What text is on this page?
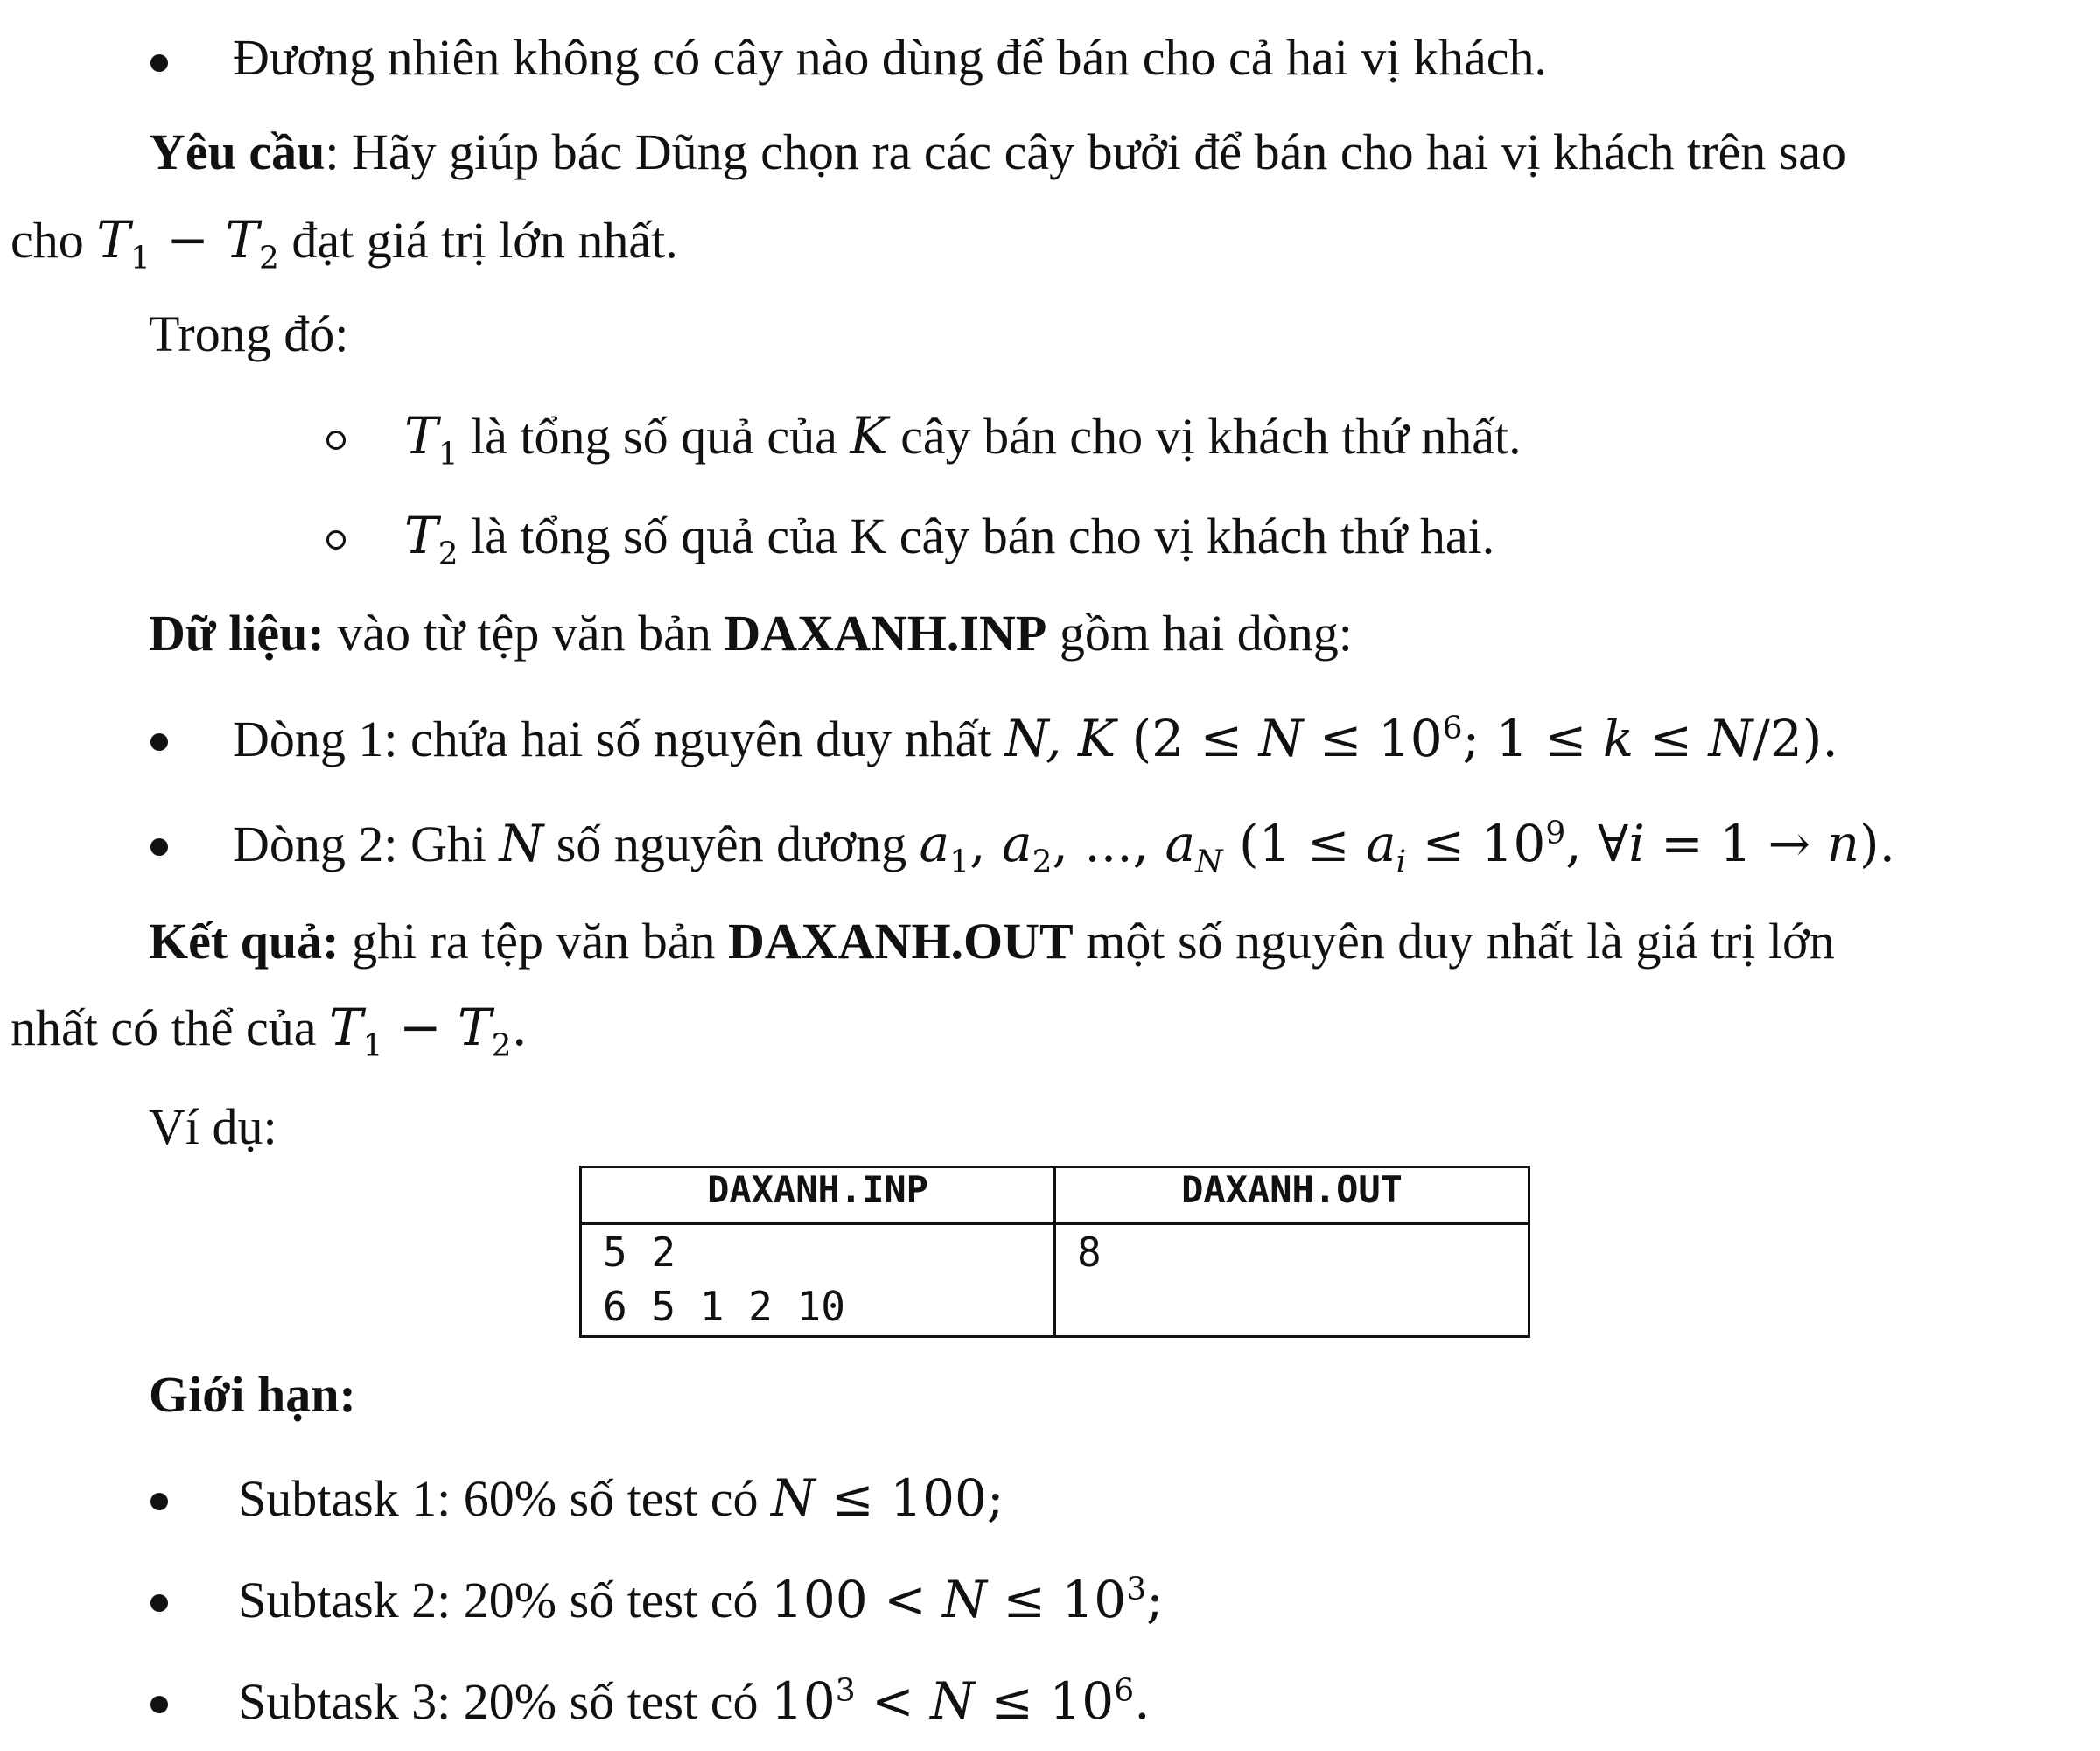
Đương nhiên không có cây nào dùng để bán cho cả hai vị khách.
Yêu cầu: Hãy giúp bác Dũng chọn ra các cây bưởi để bán cho hai vị khách trên sao
cho $T_1 - T_2$ đạt giá trị lớn nhất.
Trong đó:
$T_1$ là tổng số quả của K cây bán cho vị khách thứ nhất.
$T_2$ là tổng số quả của K cây bán cho vị khách thứ hai.
Dữ liệu: vào từ tệp văn bản DAXANH.INP gồm hai dòng:
Dòng 1: chứa hai số nguyên duy nhất N, K ($2 \le N \le 10^6$; 1 ≤ k ≤ N/2).
Dòng 2: Ghi N số nguyên dương $a_1$, $a_2$, ..., $a_N$ ($1 \le a_i \le 10^9$, ∀i = 1 → n).
Kết quả: ghi ra tệp văn bản DAXANH.OUT một số nguyên duy nhất là giá trị lớn
nhất có thể của $T_1 - T_2$.
Ví dụ:
DAXANH.INP	DAXANH.OUT
5 2
6 5 1 2 10	8
Giới hạn:
Subtask 1: 60% số test có N ≤ 100;
Subtask 2: 20% số test có $100 < N \le 10^3$;
Subtask 3: 20% số test có $10^3 < N \le 10^6$.
